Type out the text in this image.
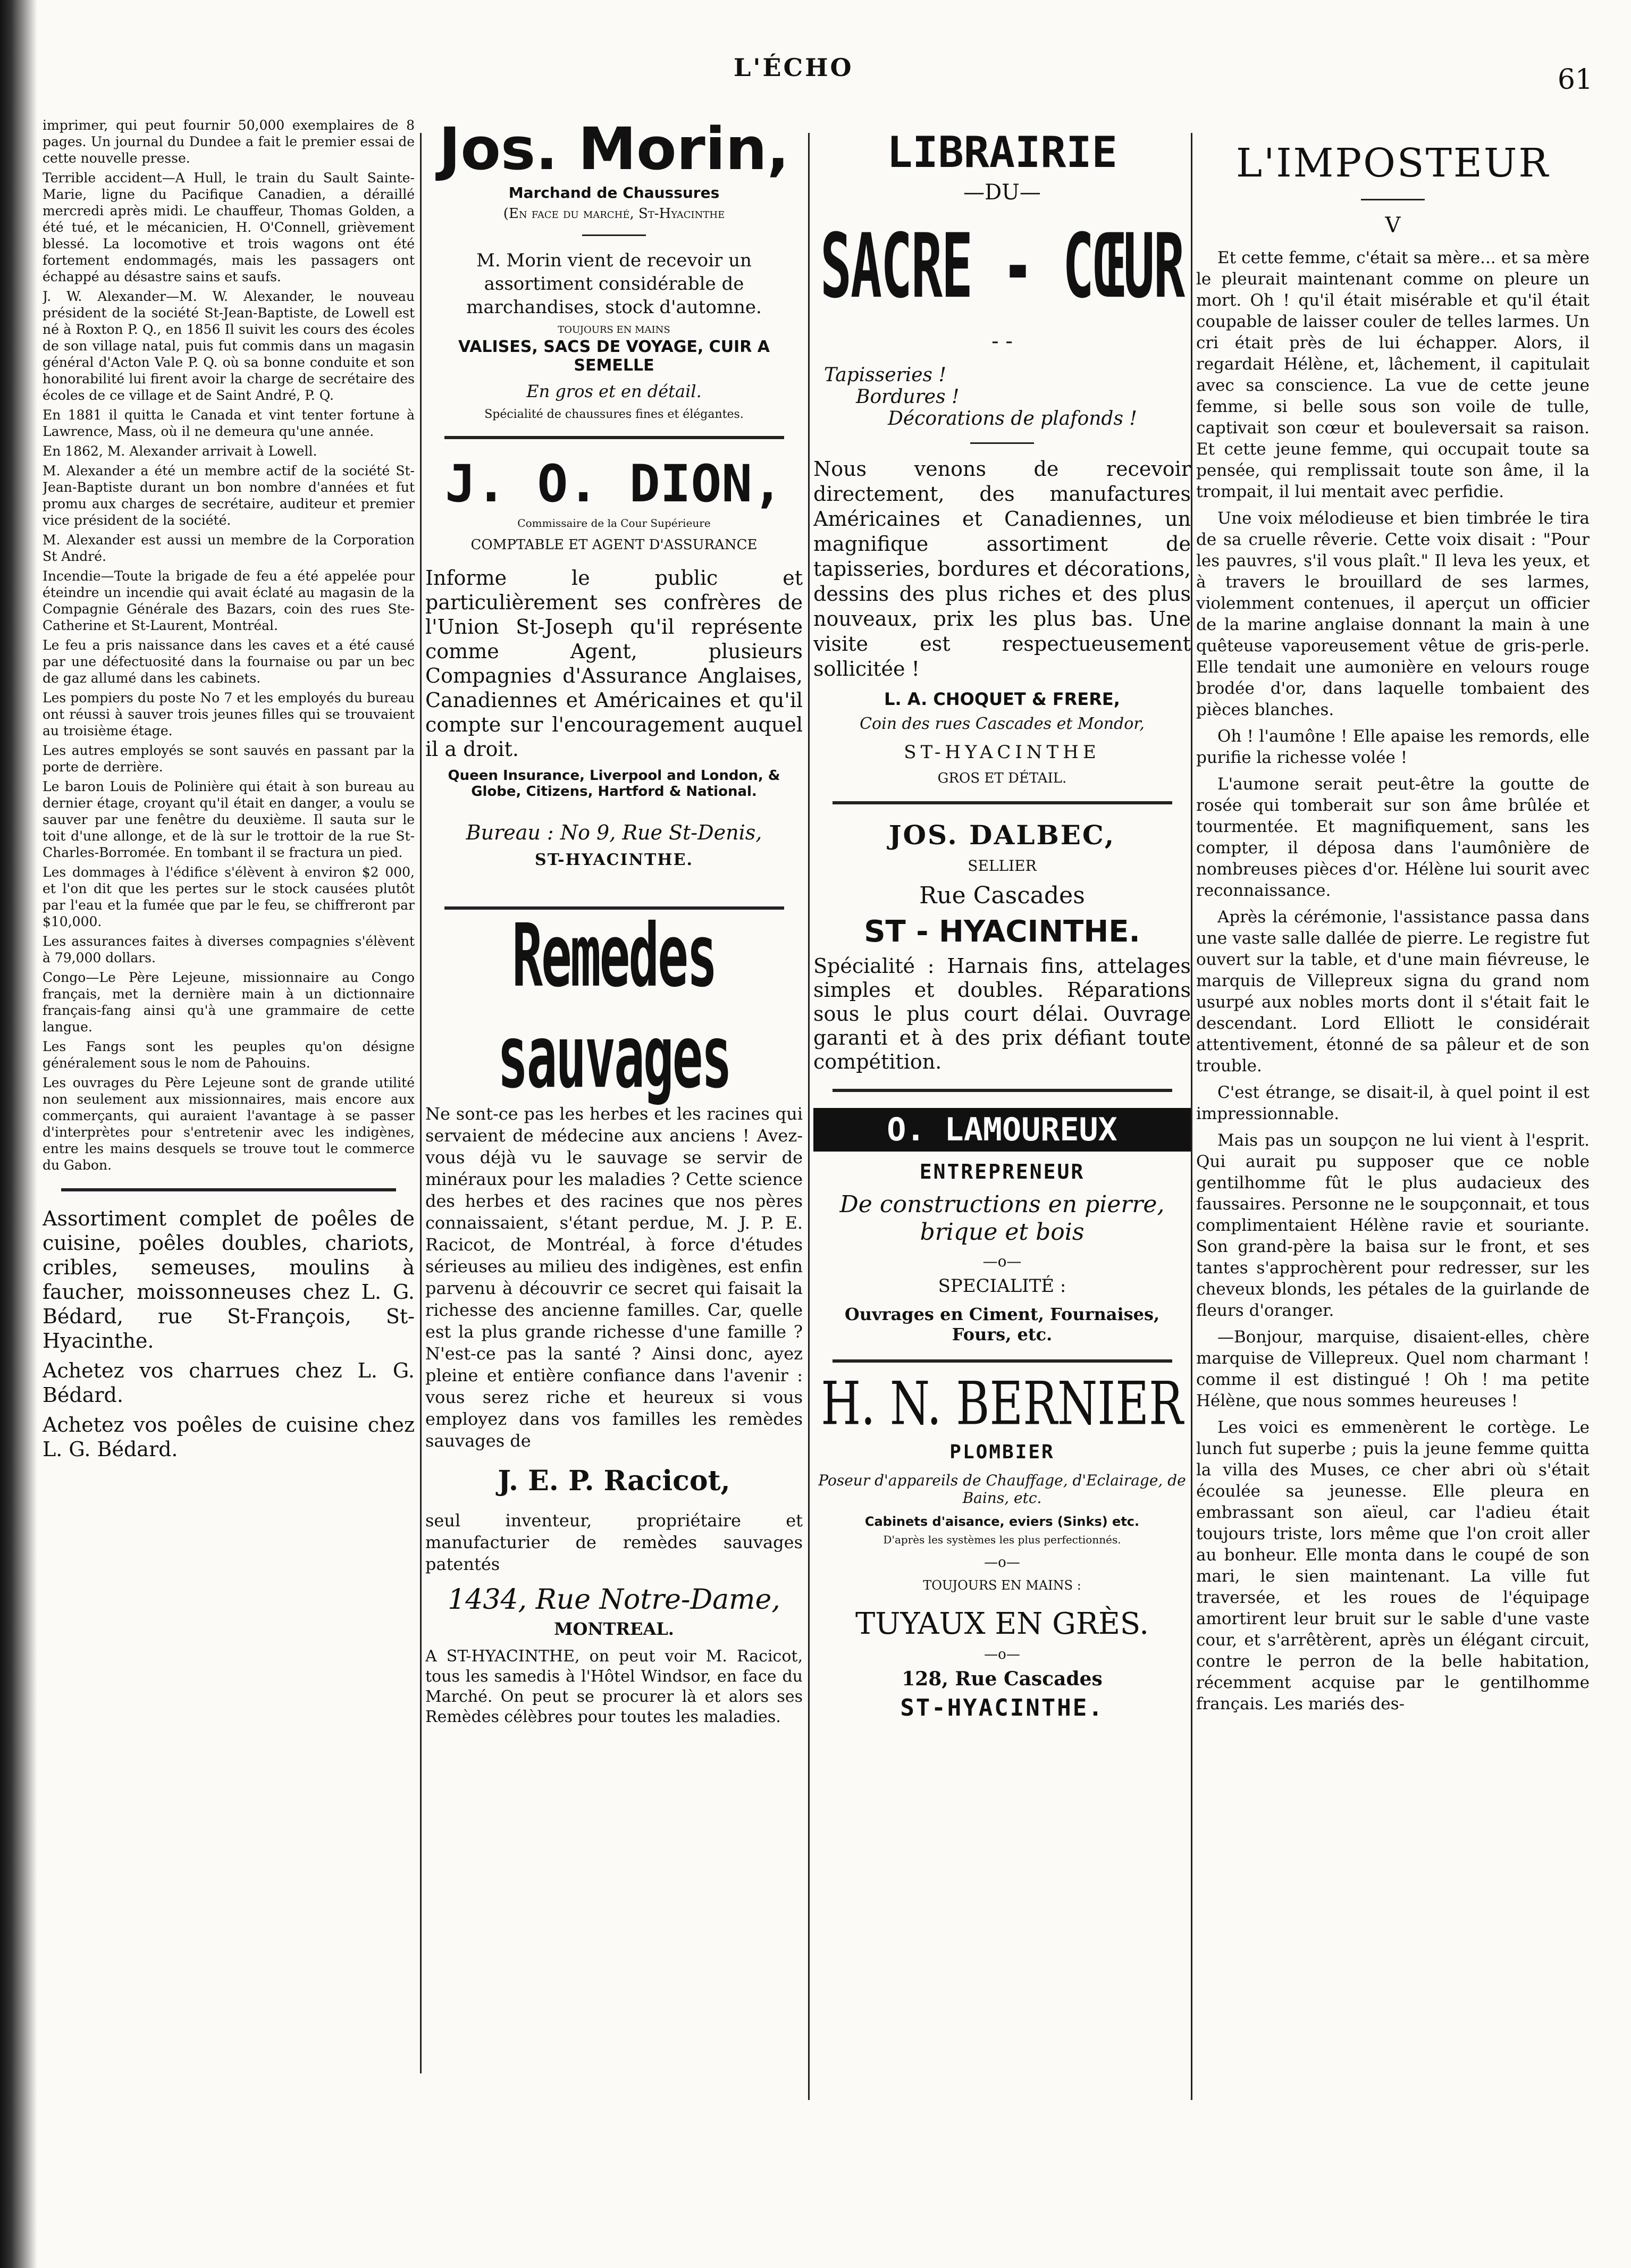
L'ÉCHO	61

imprimer, qui peut fournir 50,000 exemplaires de 8 pages. Un journal du Dundee a fait le premier essai de cette nouvelle presse.

Terrible accident—A Hull, le train du Sault Sainte-Marie, ligne du Pacifique Canadien, a déraillé mercredi après midi. Le chauffeur, Thomas Golden, a été tué, et le mécanicien, H. O'Connell, grièvement blessé. La locomotive et trois wagons ont été fortement endommagés, mais les passagers ont échappé au désastre sains et saufs.

J. W. Alexander—M. W. Alexander, le nouveau président de la société St-Jean-Baptiste, de Lowell est né à Roxton P. Q., en 1856 Il suivit les cours des écoles de son village natal, puis fut commis dans un magasin général d'Acton Vale P. Q. où sa bonne conduite et son honorabilité lui firent avoir la charge de secrétaire des écoles de ce village et de Saint André, P. Q.

En 1881 il quitta le Canada et vint tenter fortune à Lawrence, Mass, où il ne demeura qu'une année.

En 1862, M. Alexander arrivait à Lowell.

M. Alexander a été un membre actif de la société St-Jean-Baptiste durant un bon nombre d'années et fut promu aux charges de secrétaire, auditeur et premier vice président de la société.

M. Alexander est aussi un membre de la Corporation St André.

Incendie—Toute la brigade de feu a été appelée pour éteindre un incendie qui avait éclaté au magasin de la Compagnie Générale des Bazars, coin des rues Ste-Catherine et St-Laurent, Montréal.

Le feu a pris naissance dans les caves et a été causé par une défectuosité dans la fournaise ou par un bec de gaz allumé dans les cabinets.

Les pompiers du poste No 7 et les employés du bureau ont réussi à sauver trois jeunes filles qui se trouvaient au troisième étage.

Les autres employés se sont sauvés en passant par la porte de derrière.

Le baron Louis de Polinière qui était à son bureau au dernier étage, croyant qu'il était en danger, a voulu se sauver par une fenêtre du deuxième. Il sauta sur le toit d'une allonge, et de là sur le trottoir de la rue St-Charles-Borromée. En tombant il se fractura un pied.

Les dommages à l'édifice s'élèvent à environ $2 000, et l'on dit que les pertes sur le stock causées plutôt par l'eau et la fumée que par le feu, se chiffreront par $10,000.

Les assurances faites à diverses compagnies s'élèvent à 79,000 dollars.

Congo—Le Père Lejeune, missionnaire au Congo français, met la dernière main à un dictionnaire français-fang ainsi qu'à une grammaire de cette langue.

Les Fangs sont les peuples qu'on désigne généralement sous le nom de Pahouins.

Les ouvrages du Père Lejeune sont de grande utilité non seulement aux missionnaires, mais encore aux commerçants, qui auraient l'avantage à se passer d'interprètes pour s'entretenir avec les indigènes, entre les mains desquels se trouve tout le commerce du Gabon.

Assortiment complet de poêles de cuisine, poêles doubles, chariots, cribles, semeuses, moulins à faucher, moissonneuses chez L. G. Bédard, rue St-François, St-Hyacinthe.

Achetez vos charrues chez L. G. Bédard.

Achetez vos poêles de cuisine chez L. G. Bédard.

Jos. Morin,
Marchand de Chaussures
(En face du marché, St-Hyacinthe

M. Morin vient de recevoir un assortiment considérable de marchandises, stock d'automne.

TOUJOURS EN MAINS
VALISES, SACS DE VOYAGE, CUIR A SEMELLE
En gros et en détail.
Spécialité de chaussures fines et élégantes.
J. O. DION,
Commissaire de la Cour Supérieure
COMPTABLE ET AGENT D'ASSURANCE

Informe le public et particulièrement ses confrères de l'Union St-Joseph qu'il représente comme Agent, plusieurs Compagnies d'Assurance Anglaises, Canadiennes et Américaines et qu'il compte sur l'encouragement auquel il a droit.

Queen Insurance, Liverpool and London, & Globe, Citizens, Hartford & National.
Bureau : No 9, Rue St-Denis,
ST-HYACINTHE.
Remedes sauvages

Ne sont-ce pas les herbes et les racines qui servaient de médecine aux anciens ! Avez-vous déjà vu le sauvage se servir de minéraux pour les maladies ? Cette science des herbes et des racines que nos pères connaissaient, s'étant perdue, M. J. P. E. Racicot, de Montréal, à force d'études sérieuses au milieu des indigènes, est enfin parvenu à découvrir ce secret qui faisait la richesse des ancienne familles. Car, quelle est la plus grande richesse d'une famille ? N'est-ce pas la santé ? Ainsi donc, ayez pleine et entière confiance dans l'avenir : vous serez riche et heureux si vous employez dans vos familles les remèdes sauvages de

J. E. P. Racicot,

seul inventeur, propriétaire et manufacturier de remèdes sauvages patentés

1434, Rue Notre-Dame,
MONTREAL.

A ST-HYACINTHE, on peut voir M. Racicot, tous les samedis à l'Hôtel Windsor, en face du Marché. On peut se procurer là et alors ses Remèdes célèbres pour toutes les maladies.

LIBRAIRIE
—DU—
SACRE - CŒUR
- -
Tapisseries !
Bordures !
Décorations de plafonds !

Nous venons de recevoir directement, des manufactures Américaines et Canadiennes, un magnifique assortiment de tapisseries, bordures et décorations, dessins des plus riches et des plus nouveaux, prix les plus bas. Une visite est respectueusement sollicitée !

L. A. CHOQUET & FRERE,
Coin des rues Cascades et Mondor,
ST-HYACINTHE
GROS ET DÉTAIL.
JOS. DALBEC,
SELLIER
Rue Cascades
ST - HYACINTHE.

Spécialité : Harnais fins, attelages simples et doubles. Réparations sous le plus court délai. Ouvrage garanti et à des prix défiant toute compétition.

O. LAMOUREUX
ENTREPRENEUR
De constructions en pierre, brique et bois
—o—
SPECIALITÉ :
Ouvrages en Ciment, Fournaises, Fours, etc.
H. N. BERNIER
PLOMBIER
Poseur d'appareils de Chauffage, d'Eclairage, de Bains, etc.
Cabinets d'aisance, eviers (Sinks) etc.
D'après les systèmes les plus perfectionnés.
—o—
TOUJOURS EN MAINS :
TUYAUX EN GRÈS.
—o—
128, Rue Cascades
ST-HYACINTHE.
L'IMPOSTEUR
V

Et cette femme, c'était sa mère... et sa mère le pleurait maintenant comme on pleure un mort. Oh ! qu'il était misérable et qu'il était coupable de laisser couler de telles larmes. Un cri était près de lui échapper. Alors, il regardait Hélène, et, lâchement, il capitulait avec sa conscience. La vue de cette jeune femme, si belle sous son voile de tulle, captivait son cœur et bouleversait sa raison. Et cette jeune femme, qui occupait toute sa pensée, qui remplissait toute son âme, il la trompait, il lui mentait avec perfidie.

Une voix mélodieuse et bien timbrée le tira de sa cruelle rêverie. Cette voix disait : "Pour les pauvres, s'il vous plaît." Il leva les yeux, et à travers le brouillard de ses larmes, violemment contenues, il aperçut un officier de la marine anglaise donnant la main à une quêteuse vaporeusement vêtue de gris-perle. Elle tendait une aumonière en velours rouge brodée d'or, dans laquelle tombaient des pièces blanches.

Oh ! l'aumône ! Elle apaise les remords, elle purifie la richesse volée !

L'aumone serait peut-être la goutte de rosée qui tomberait sur son âme brûlée et tourmentée. Et magnifiquement, sans les compter, il déposa dans l'aumônière de nombreuses pièces d'or. Hélène lui sourit avec reconnaissance.

Après la cérémonie, l'assistance passa dans une vaste salle dallée de pierre. Le registre fut ouvert sur la table, et d'une main fiévreuse, le marquis de Villepreux signa du grand nom usurpé aux nobles morts dont il s'était fait le descendant. Lord Elliott le considérait attentivement, étonné de sa pâleur et de son trouble.

C'est étrange, se disait-il, à quel point il est impressionnable.

Mais pas un soupçon ne lui vient à l'esprit. Qui aurait pu supposer que ce noble gentilhomme fût le plus audacieux des faussaires. Personne ne le soupçonnait, et tous complimentaient Hélène ravie et souriante. Son grand-père la baisa sur le front, et ses tantes s'approchèrent pour redresser, sur les cheveux blonds, les pétales de la guirlande de fleurs d'oranger.

—Bonjour, marquise, disaient-elles, chère marquise de Villepreux. Quel nom charmant ! comme il est distingué ! Oh ! ma petite Hélène, que nous sommes heureuses !

Les voici es emmenèrent le cortège. Le lunch fut superbe ; puis la jeune femme quitta la villa des Muses, ce cher abri où s'était écoulée sa jeunesse. Elle pleura en embrassant son aïeul, car l'adieu était toujours triste, lors même que l'on croit aller au bonheur. Elle monta dans le coupé de son mari, le sien maintenant. La ville fut traversée, et les roues de l'équipage amortirent leur bruit sur le sable d'une vaste cour, et s'arrêtèrent, après un élégant circuit, contre le perron de la belle habitation, récemment acquise par le gentilhomme français. Les mariés des-
